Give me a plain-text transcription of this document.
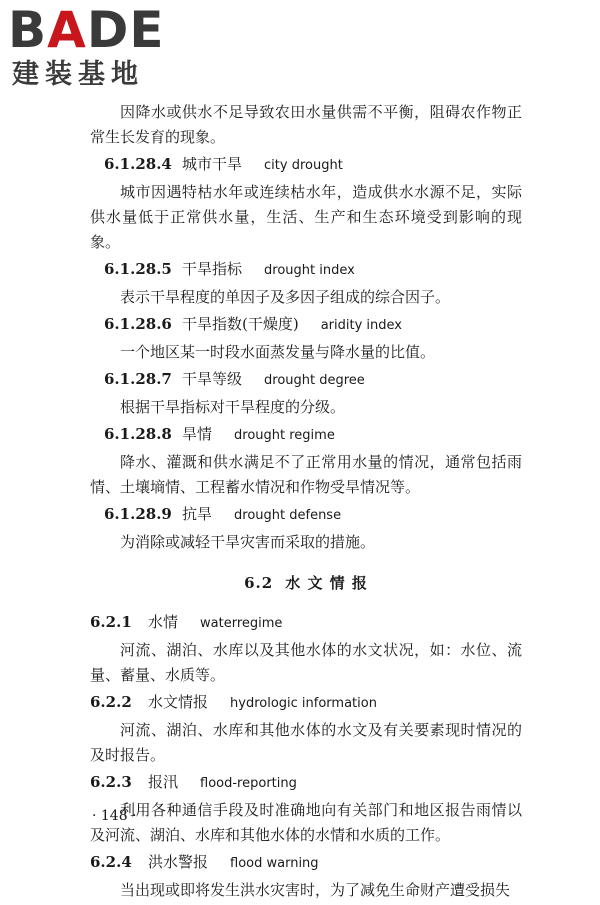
BADE
建装基地

因降水或供水不足导致农田水量供需不平衡，阻碍农作物正常生长发育的现象。

6.1.28.4 城市干旱 city drought

城市因遇特枯水年或连续枯水年，造成供水水源不足，实际供水量低于正常供水量，生活、生产和生态环境受到影响的现象。

6.1.28.5 干旱指标 drought index

表示干旱程度的单因子及多因子组成的综合因子。

6.1.28.6 干旱指数(干燥度) aridity index

一个地区某一时段水面蒸发量与降水量的比值。

6.1.28.7 干旱等级 drought degree

根据干旱指标对干旱程度的分级。

6.1.28.8 旱情 drought regime

降水、灌溉和供水满足不了正常用水量的情况，通常包括雨情、土壤墒情、工程蓄水情况和作物受旱情况等。

6.1.28.9 抗旱 drought defense

为消除或减轻干旱灾害而采取的措施。

6.2 水 文 情 报
6.2.1 水情 waterregime

河流、湖泊、水库以及其他水体的水文状况，如：水位、流量、蓄量、水质等。

6.2.2 水文情报 hydrologic information

河流、湖泊、水库和其他水体的水文及有关要素现时情况的及时报告。

6.2.3 报汛 flood-reporting

利用各种通信手段及时准确地向有关部门和地区报告雨情以及河流、湖泊、水库和其他水体的水情和水质的工作。

6.2.4 洪水警报 flood warning

当出现或即将发生洪水灾害时，为了减免生命财产遭受损失

· 148 ·
